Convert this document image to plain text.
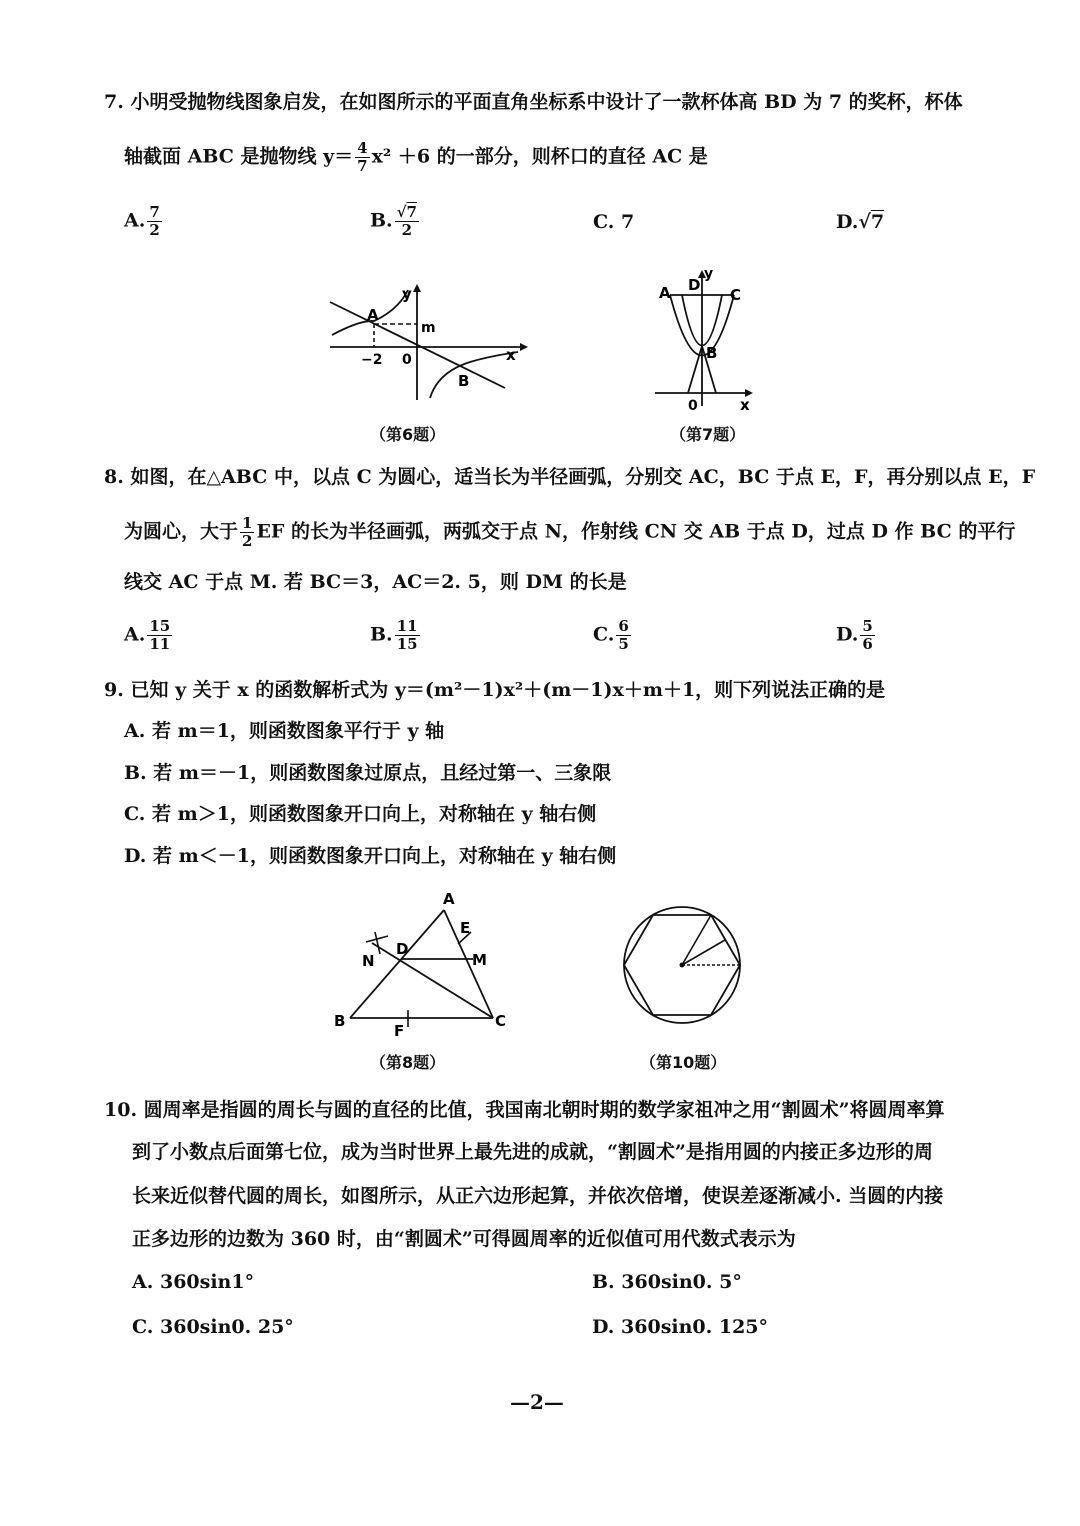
7. 小明受抛物线图象启发，在如图所示的平面直角坐标系中设计了一款杯体高 BD 为 7 的奖杯，杯体
轴截面 ABC 是抛物线 $y= \frac{4}{7} x^2 +6$ 的一部分，则杯口的直径 AC 是
A. $\frac{7}{2}$	B. $\frac{√7}{2}$	C. 7	D.√7
A
B
m
−2 0
y
x
（第6题）
A D
C
B
y
x
0
（第7题）
8. 如图，在△ABC 中，以点 C 为圆心，适当长为半径画弧，分别交 AC，BC 于点 E，F，再分别以点 E，F
为圆心，大于 $\frac{1}{2}$ EF 的长为半径画弧，两弧交于点 N，作射线 CN 交 AB 于点 D，过点 D 作 BC 的平行
线交 AC 于点 M. 若 BC＝3，AC＝2. 5，则 DM 的长是
A. $\frac{15}{11}$	B. $\frac{11}{15}$	C. $\frac{6}{5}$	D. $\frac{5}{6}$
9. 已知 y 关于 x 的函数解析式为 y＝(m²－1)x²＋(m－1)x＋m＋1，则下列说法正确的是
A. 若 m＝1，则函数图象平行于 y 轴
B. 若 m＝－1，则函数图象过原点，且经过第一、三象限
C. 若 m＞1，则函数图象开口向上，对称轴在 y 轴右侧
D. 若 m＜－1，则函数图象开口向上，对称轴在 y 轴右侧
A
E
D
N	M
B
F
C
（第8题）	（第10题）
10. 圆周率是指圆的周长与圆的直径的比值，我国南北朝时期的数学家祖冲之用“割圆术”将圆周率算
到了小数点后面第七位，成为当时世界上最先进的成就，“割圆术”是指用圆的内接正多边形的周
长来近似替代圆的周长，如图所示，从正六边形起算，并依次倍增，使误差逐渐减小. 当圆的内接
正多边形的边数为 360 时，由“割圆术”可得圆周率的近似值可用代数式表示为
A. 360sin1°	B. 360sin0. 5°
C. 360sin0. 25°	D. 360sin0. 125°
—2—
